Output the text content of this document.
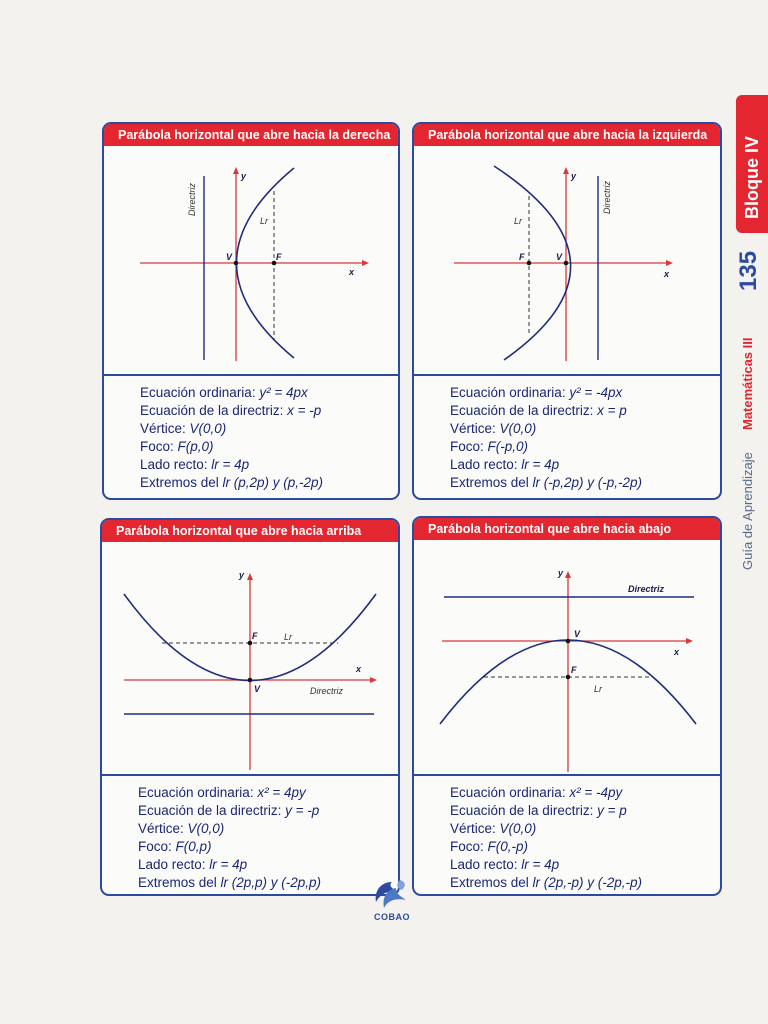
Parábola horizontal que abre hacia la derecha
Directriz
y
x
V	F
Lr
Ecuación ordinaria: y² = 4px
Ecuación de la directriz: x = -p
Vértice: V(0,0)
Foco: F(p,0)
Lado recto: lr = 4p
Extremos del lr (p,2p) y (p,-2p)
Parábola horizontal que abre hacia la izquierda
Directriz
y
x
V
F
Lr
Ecuación ordinaria: y² = -4px
Ecuación de la directriz: x = p
Vértice: V(0,0)
Foco: F(-p,0)
Lado recto: lr = 4p
Extremos del lr (-p,2p) y (-p,-2p)
Parábola horizontal que abre hacia arriba
Directriz
y
x
V
F	Lr
Ecuación ordinaria: x² = 4py
Ecuación de la directriz: y = -p
Vértice: V(0,0)
Foco: F(0,p)
Lado recto: lr = 4p
Extremos del lr (2p,p) y (-2p,p)
Parábola horizontal que abre hacia abajo
Directriz
y
x
V
F
Lr
Ecuación ordinaria: x² = -4py
Ecuación de la directriz: y = p
Vértice: V(0,0)
Foco: F(0,-p)
Lado recto: lr = 4p
Extremos del lr (2p,-p) y (-2p,-p)
Bloque IV
135
Matemáticas III
Guía de Aprendizaje
COBAO
